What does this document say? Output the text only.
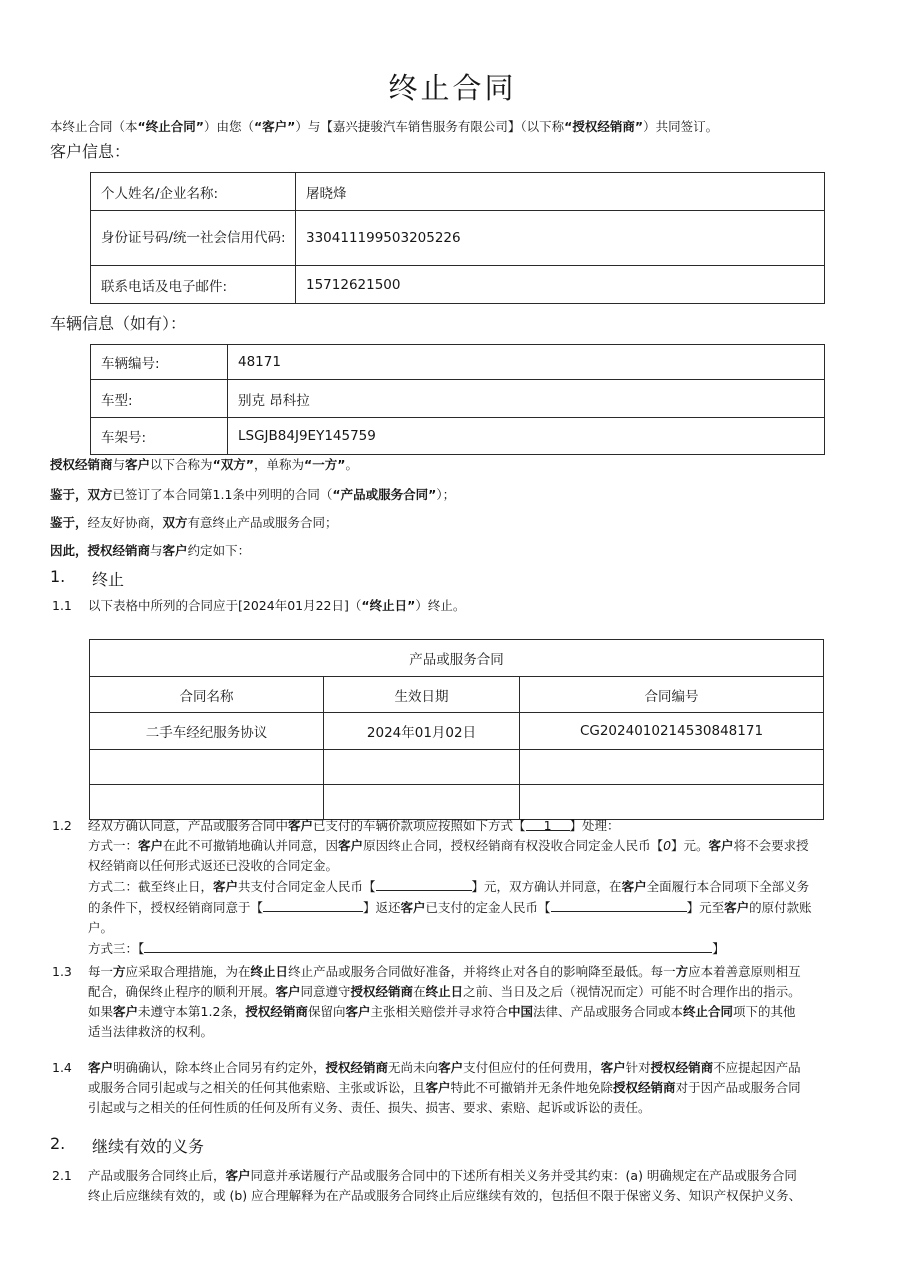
终止合同
本终止合同（本“终止合同”）由您（“客户”）与【嘉兴捷骏汽车销售服务有限公司】（以下称“授权经销商”）共同签订。
客户信息：
个人姓名/企业名称:	屠晓烽
身份证号码/统一社会信用代码:	330411199503205226
联系电话及电子邮件:	15712621500
车辆信息（如有）：
车辆编号:	48171
车型:	别克 昂科拉
车架号:	LSGJB84J9EY145759
授权经销商与客户以下合称为“双方”，单称为“一方”。
鉴于，双方已签订了本合同第1.1条中列明的合同（“产品或服务合同”）；
鉴于，经友好协商，双方有意终止产品或服务合同；
因此，授权经销商与客户约定如下：
1. 终止
1.1 以下表格中所列的合同应于[2024年01月22日]（“终止日”）终止。
产品或服务合同		
合同名称	生效日期	合同编号
二手车经纪服务协议	2024年01月02日	CG2024010214530848171

1.2 经双方确认同意，产品或服务合同中客户已支付的车辆价款项应按照如下方式【 1 】处理：
方式一：客户在此不可撤销地确认并同意，因客户原因终止合同，授权经销商有权没收合同定金人民币【0】元。客户将不会要求授
权经销商以任何形式返还已没收的合同定金。
方式二：截至终止日，客户共支付合同定金人民币【	】元，双方确认并同意，在客户全面履行本合同项下全部义务
的条件下，授权经销商同意于【	】返还客户已支付的定金人民币【	】元至客户的原付款账
户。
方式三：【	】
1.3 每一方应采取合理措施，为在终止日终止产品或服务合同做好准备，并将终止对各自的影响降至最低。每一方应本着善意原则相互
配合，确保终止程序的顺利开展。客户同意遵守授权经销商在终止日之前、当日及之后（视情况而定）可能不时合理作出的指示。
如果客户未遵守本第1.2条，授权经销商保留向客户主张相关赔偿并寻求符合中国法律、产品或服务合同或本终止合同项下的其他
适当法律救济的权利。
1.4 客户明确确认，除本终止合同另有约定外，授权经销商无尚未向客户支付但应付的任何费用，客户针对授权经销商不应提起因产品
或服务合同引起或与之相关的任何其他索赔、主张或诉讼，且客户特此不可撤销并无条件地免除授权经销商对于因产品或服务合同
引起或与之相关的任何性质的任何及所有义务、责任、损失、损害、要求、索赔、起诉或诉讼的责任。
2. 继续有效的义务
2.1 产品或服务合同终止后，客户同意并承诺履行产品或服务合同中的下述所有相关义务并受其约束：(a) 明确规定在产品或服务合同
终止后应继续有效的，或 (b) 应合理解释为在产品或服务合同终止后应继续有效的，包括但不限于保密义务、知识产权保护义务、
